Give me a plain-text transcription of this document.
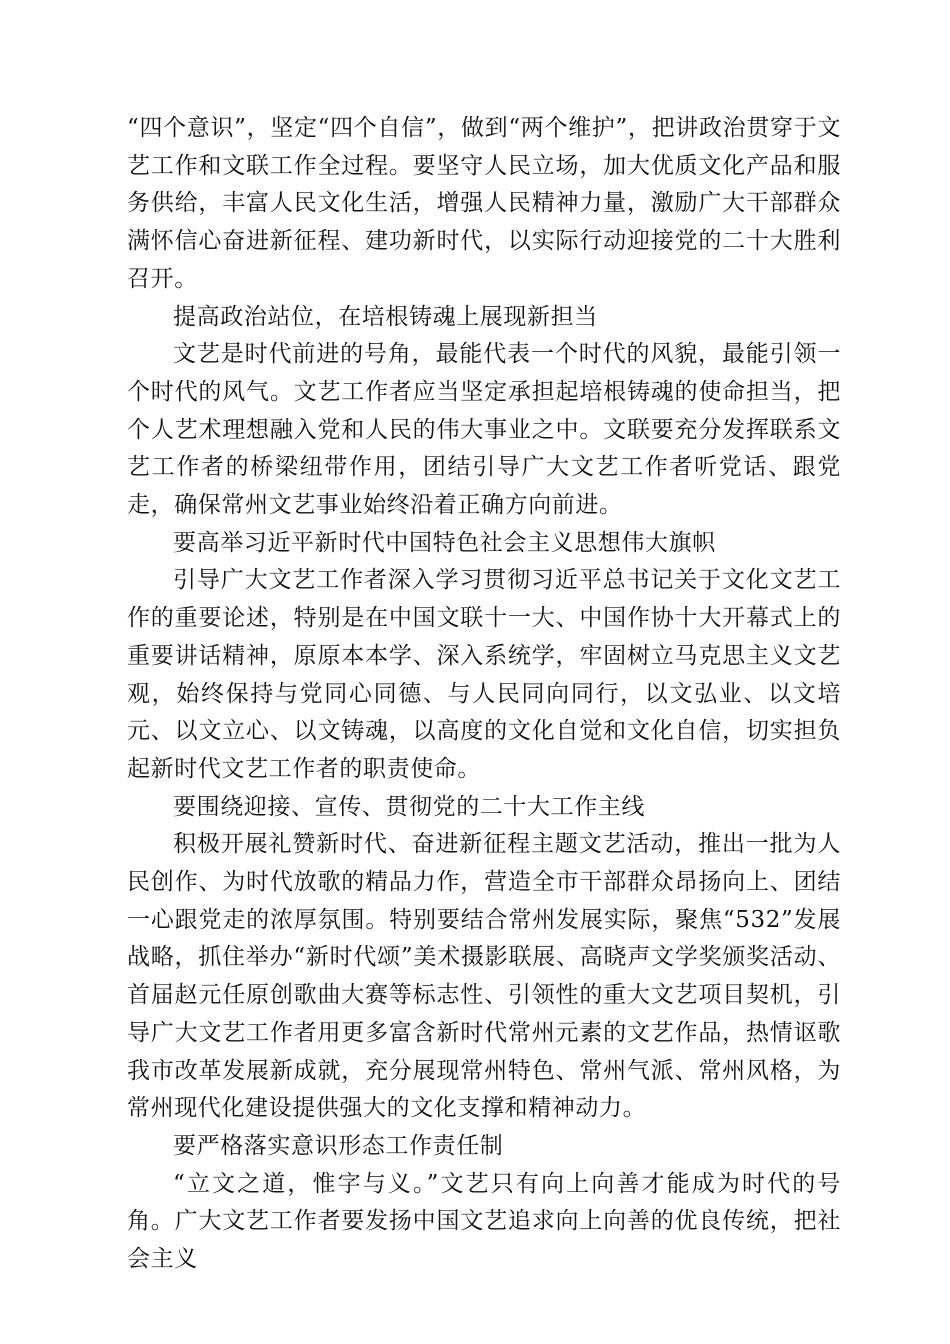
“四个意识”，坚定“四个自信”，做到“两个维护”，把讲政治贯穿于文艺工作和文联工作全过程。要坚守人民立场，加大优质文化产品和服务供给，丰富人民文化生活，增强人民精神力量，激励广大干部群众满怀信心奋进新征程、建功新时代，以实际行动迎接党的二十大胜利召开。

提高政治站位，在培根铸魂上展现新担当

文艺是时代前进的号角，最能代表一个时代的风貌，最能引领一个时代的风气。文艺工作者应当坚定承担起培根铸魂的使命担当，把个人艺术理想融入党和人民的伟大事业之中。文联要充分发挥联系文艺工作者的桥梁纽带作用，团结引导广大文艺工作者听党话、跟党走，确保常州文艺事业始终沿着正确方向前进。

要高举习近平新时代中国特色社会主义思想伟大旗帜

引导广大文艺工作者深入学习贯彻习近平总书记关于文化文艺工作的重要论述，特别是在中国文联十一大、中国作协十大开幕式上的重要讲话精神，原原本本学、深入系统学，牢固树立马克思主义文艺观，始终保持与党同心同德、与人民同向同行，以文弘业、以文培元、以文立心、以文铸魂，以高度的文化自觉和文化自信，切实担负起新时代文艺工作者的职责使命。

要围绕迎接、宣传、贯彻党的二十大工作主线

积极开展礼赞新时代、奋进新征程主题文艺活动，推出一批为人民创作、为时代放歌的精品力作，营造全市干部群众昂扬向上、团结一心跟党走的浓厚氛围。特别要结合常州发展实际，聚焦“532”发展战略，抓住举办“新时代颂”美术摄影联展、高晓声文学奖颁奖活动、首届赵元任原创歌曲大赛等标志性、引领性的重大文艺项目契机，引导广大文艺工作者用更多富含新时代常州元素的文艺作品，热情讴歌我市改革发展新成就，充分展现常州特色、常州气派、常州风格，为常州现代化建设提供强大的文化支撑和精神动力。

要严格落实意识形态工作责任制

“立文之道，惟字与义。”文艺只有向上向善才能成为时代的号角。广大文艺工作者要发扬中国文艺追求向上向善的优良传统，把社会主义
